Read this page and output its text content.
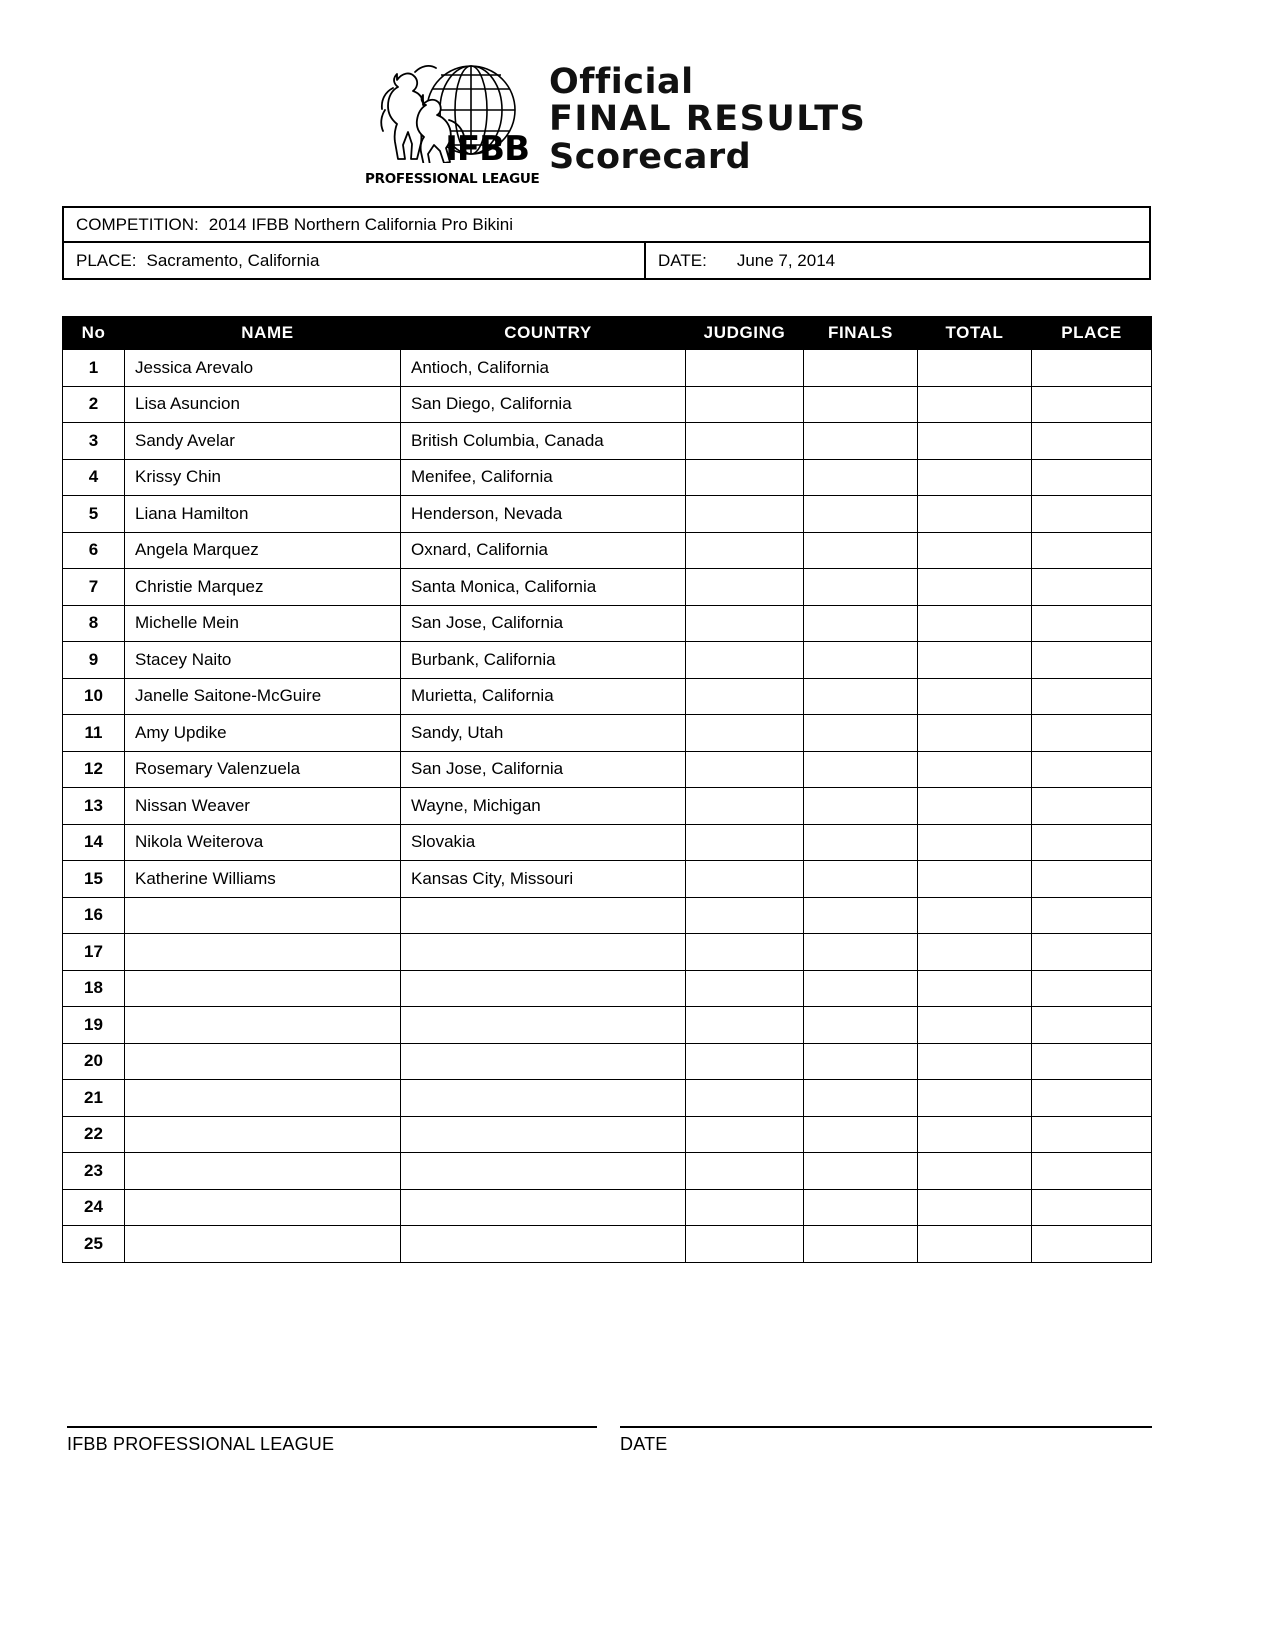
IFBB
PROFESSIONAL LEAGUE
Official
FINAL RESULTS
Scorecard
COMPETITION: 2014 IFBB Northern California Pro Bikini
PLACE: Sacramento, California	DATE: June 7, 2014
No	NAME	COUNTRY	JUDGING	FINALS	TOTAL	PLACE
1	Jessica Arevalo	Antioch, California				
2	Lisa Asuncion	San Diego, California				
3	Sandy Avelar	British Columbia, Canada				
4	Krissy Chin	Menifee, California				
5	Liana Hamilton	Henderson, Nevada				
6	Angela Marquez	Oxnard, California				
7	Christie Marquez	Santa Monica, California				
8	Michelle Mein	San Jose, California				
9	Stacey Naito	Burbank, California				
10	Janelle Saitone-McGuire	Murietta, California				
11	Amy Updike	Sandy, Utah				
12	Rosemary Valenzuela	San Jose, California				
13	Nissan Weaver	Wayne, Michigan				
14	Nikola Weiterova	Slovakia				
15	Katherine Williams	Kansas City, Missouri				
16						
17						
18						
19						
20						
21						
22						
23						
24						
25						
IFBB PROFESSIONAL LEAGUE	DATE
